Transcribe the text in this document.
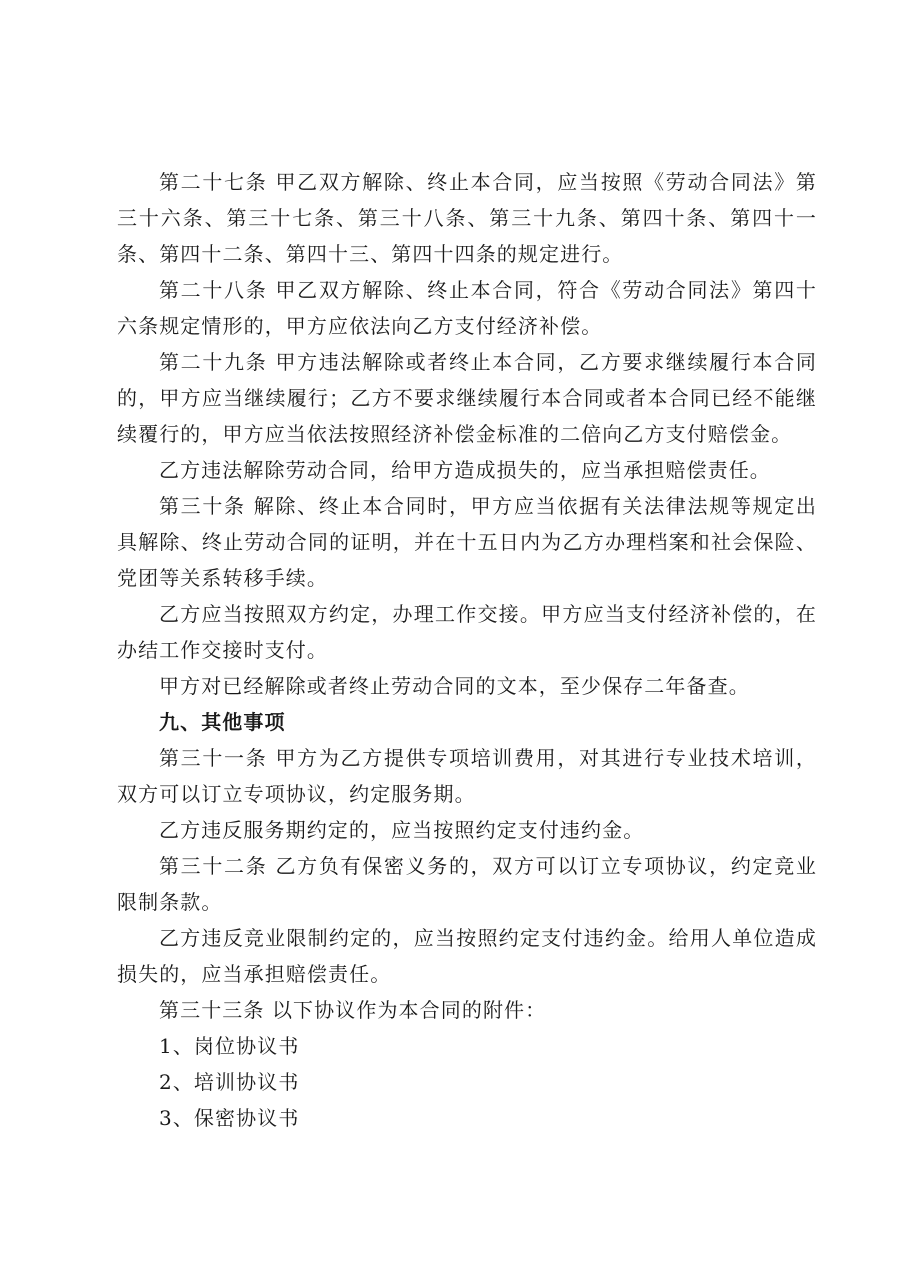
第二十七条 甲乙双方解除、终止本合同，应当按照《劳动合同法》第三十六条、第三十七条、第三十八条、第三十九条、第四十条、第四十一条、第四十二条、第四十三、第四十四条的规定进行。

第二十八条 甲乙双方解除、终止本合同，符合《劳动合同法》第四十六条规定情形的，甲方应依法向乙方支付经济补偿。

第二十九条 甲方违法解除或者终止本合同，乙方要求继续履行本合同的，甲方应当继续履行；乙方不要求继续履行本合同或者本合同已经不能继续覆行的，甲方应当依法按照经济补偿金标准的二倍向乙方支付赔偿金。

乙方违法解除劳动合同，给甲方造成损失的，应当承担赔偿责任。

第三十条 解除、终止本合同时，甲方应当依据有关法律法规等规定出具解除、终止劳动合同的证明，并在十五日内为乙方办理档案和社会保险、党团等关系转移手续。

乙方应当按照双方约定，办理工作交接。甲方应当支付经济补偿的，在办结工作交接时支付。

甲方对已经解除或者终止劳动合同的文本，至少保存二年备查。

九、其他事项

第三十一条 甲方为乙方提供专项培训费用，对其进行专业技术培训，双方可以订立专项协议，约定服务期。

乙方违反服务期约定的，应当按照约定支付违约金。

第三十二条 乙方负有保密义务的，双方可以订立专项协议，约定竞业限制条款。

乙方违反竞业限制约定的，应当按照约定支付违约金。给用人单位造成损失的，应当承担赔偿责任。

第三十三条 以下协议作为本合同的附件：

1、岗位协议书

2、培训协议书

3、保密协议书
